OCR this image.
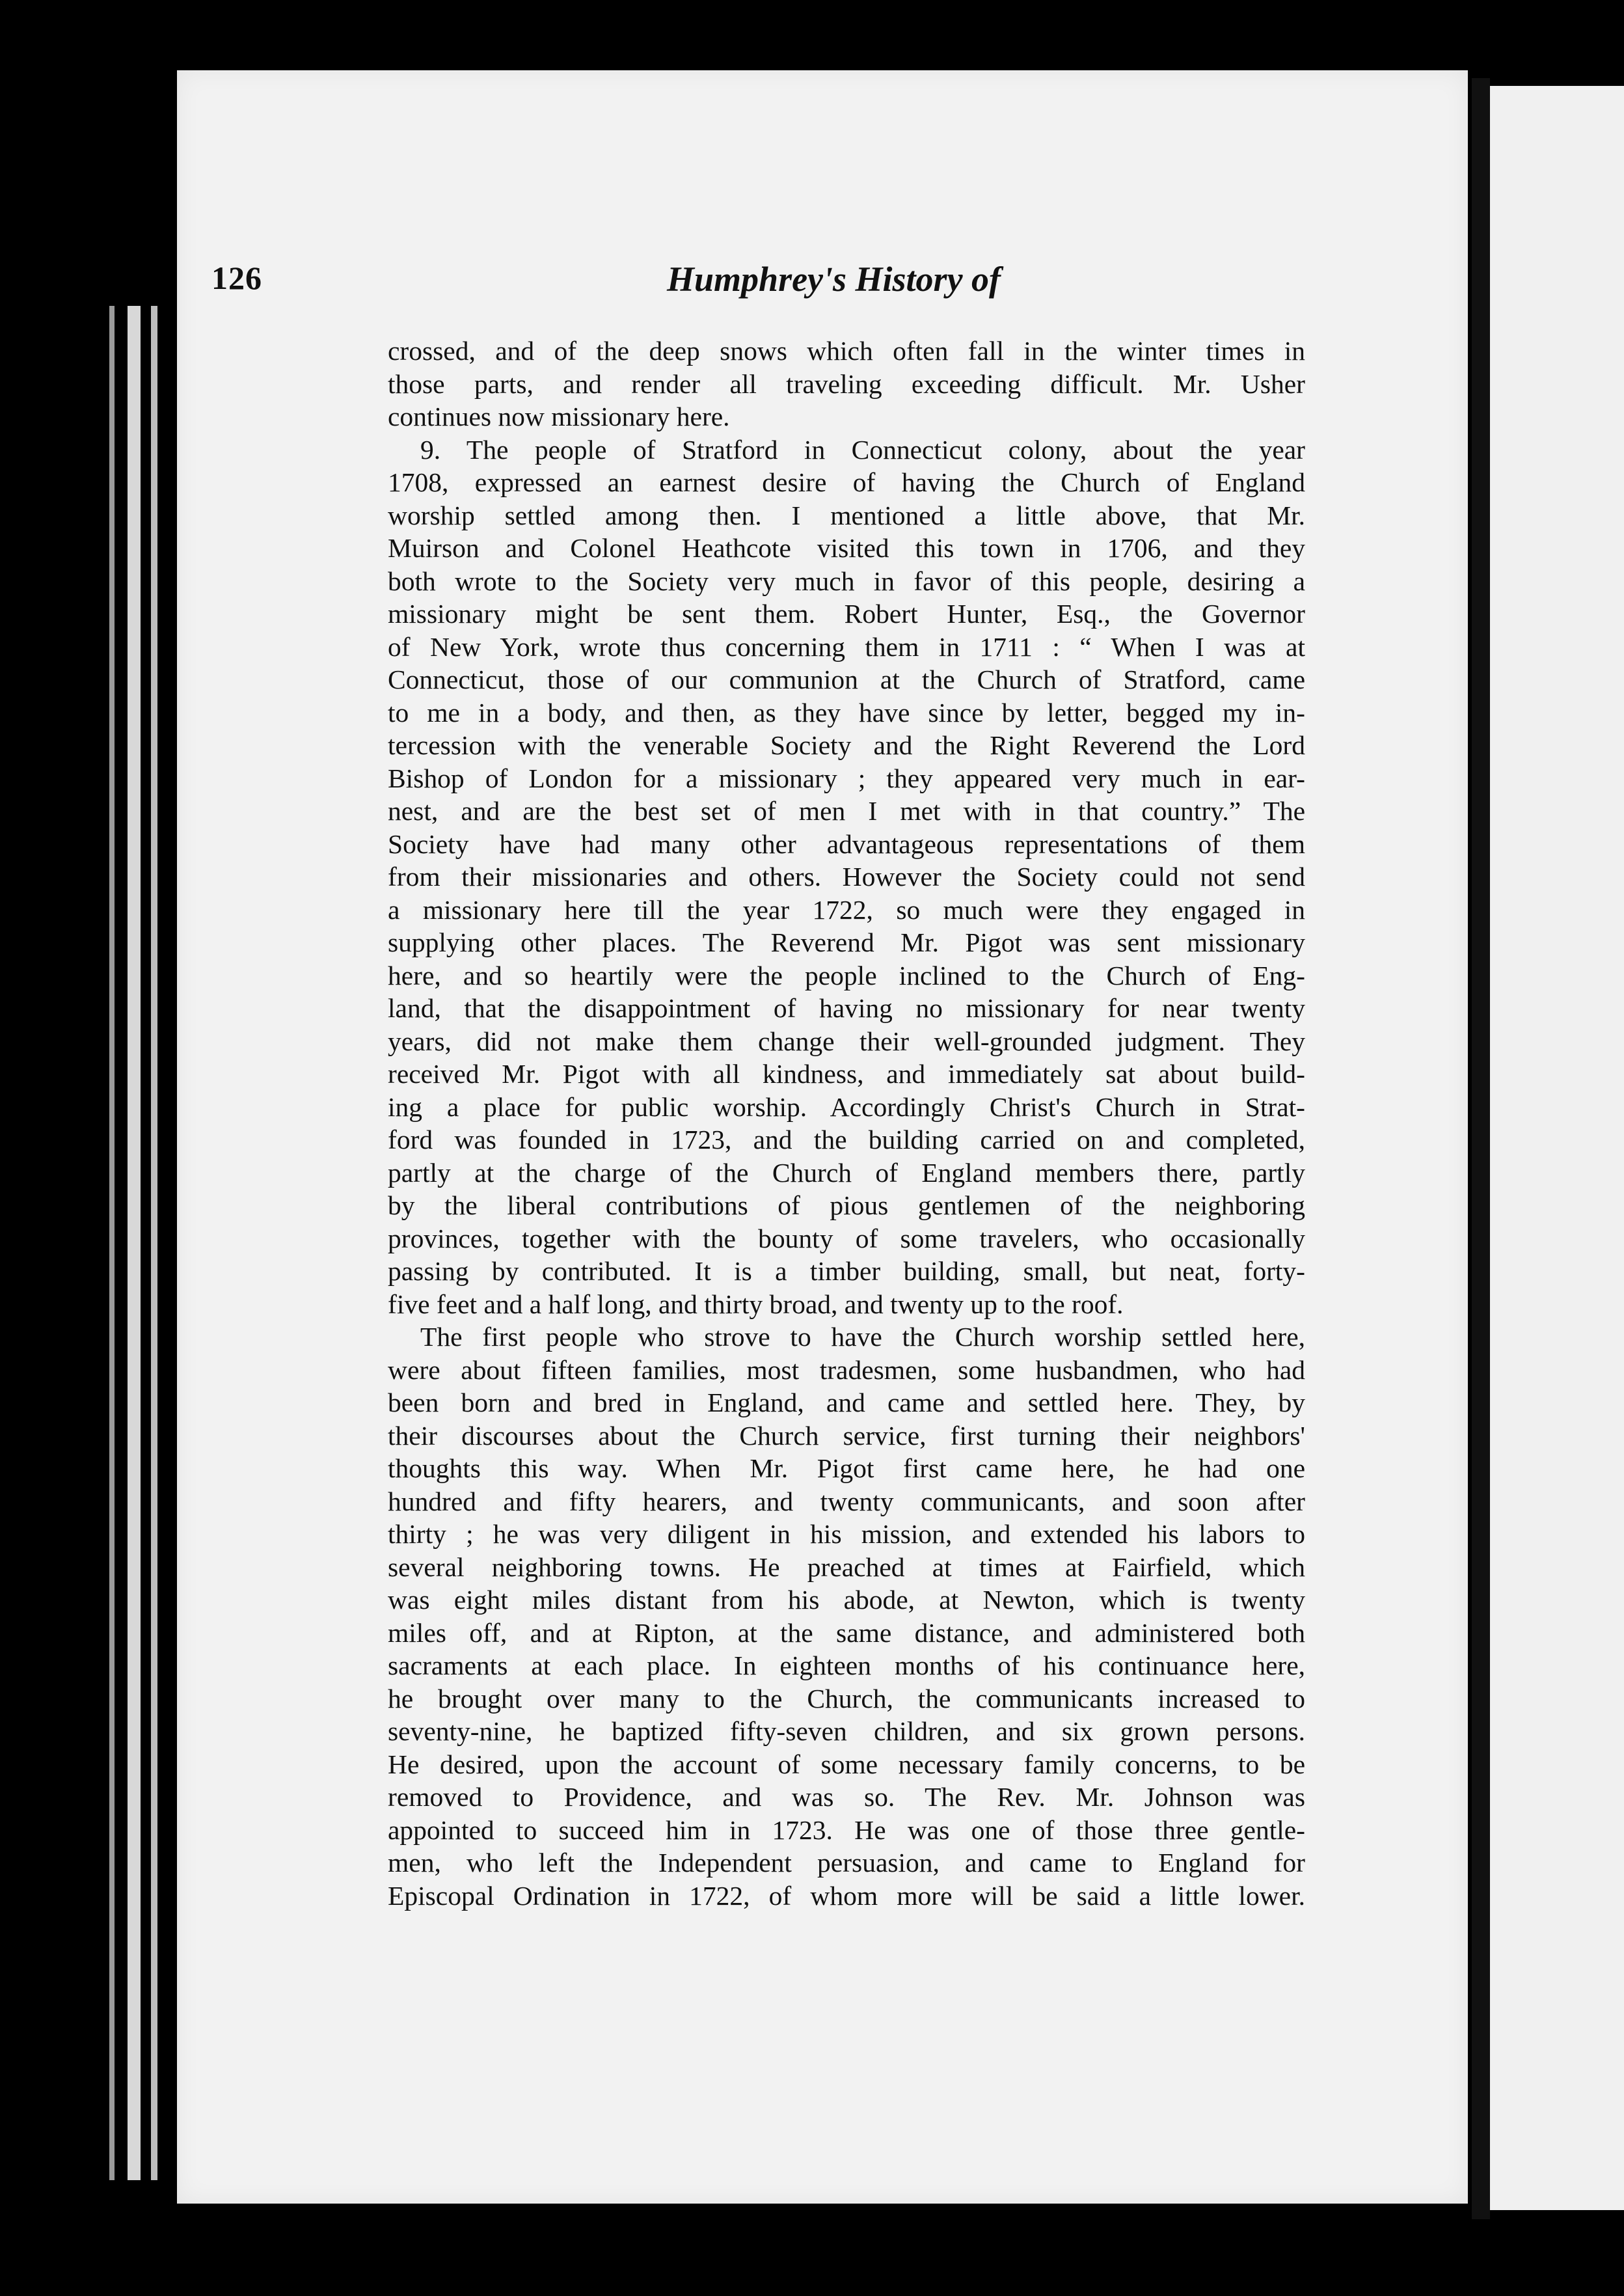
126	Humphrey's History of
crossed, and of the deep snows which often fall in the winter times in
those parts, and render all traveling exceeding difficult. Mr. Usher
continues now missionary here.
9. The people of Stratford in Connecticut colony, about the year
1708, expressed an earnest desire of having the Church of England
worship settled among then. I mentioned a little above, that Mr.
Muirson and Colonel Heathcote visited this town in 1706, and they
both wrote to the Society very much in favor of this people, desiring a
missionary might be sent them. Robert Hunter, Esq., the Governor
of New York, wrote thus concerning them in 1711 : “ When I was at
Connecticut, those of our communion at the Church of Stratford, came
to me in a body, and then, as they have since by letter, begged my in-
tercession with the venerable Society and the Right Reverend the Lord
Bishop of London for a missionary ; they appeared very much in ear-
nest, and are the best set of men I met with in that country.” The
Society have had many other advantageous representations of them
from their missionaries and others. However the Society could not send
a missionary here till the year 1722, so much were they engaged in
supplying other places. The Reverend Mr. Pigot was sent missionary
here, and so heartily were the people inclined to the Church of Eng-
land, that the disappointment of having no missionary for near twenty
years, did not make them change their well-grounded judgment. They
received Mr. Pigot with all kindness, and immediately sat about build-
ing a place for public worship. Accordingly Christ's Church in Strat-
ford was founded in 1723, and the building carried on and completed,
partly at the charge of the Church of England members there, partly
by the liberal contributions of pious gentlemen of the neighboring
provinces, together with the bounty of some travelers, who occasionally
passing by contributed. It is a timber building, small, but neat, forty-
five feet and a half long, and thirty broad, and twenty up to the roof.
The first people who strove to have the Church worship settled here,
were about fifteen families, most tradesmen, some husbandmen, who had
been born and bred in England, and came and settled here. They, by
their discourses about the Church service, first turning their neighbors'
thoughts this way. When Mr. Pigot first came here, he had one
hundred and fifty hearers, and twenty communicants, and soon after
thirty ; he was very diligent in his mission, and extended his labors to
several neighboring towns. He preached at times at Fairfield, which
was eight miles distant from his abode, at Newton, which is twenty
miles off, and at Ripton, at the same distance, and administered both
sacraments at each place. In eighteen months of his continuance here,
he brought over many to the Church, the communicants increased to
seventy-nine, he baptized fifty-seven children, and six grown persons.
He desired, upon the account of some necessary family concerns, to be
removed to Providence, and was so. The Rev. Mr. Johnson was
appointed to succeed him in 1723. He was one of those three gentle-
men, who left the Independent persuasion, and came to England for
Episcopal Ordination in 1722, of whom more will be said a little lower.
